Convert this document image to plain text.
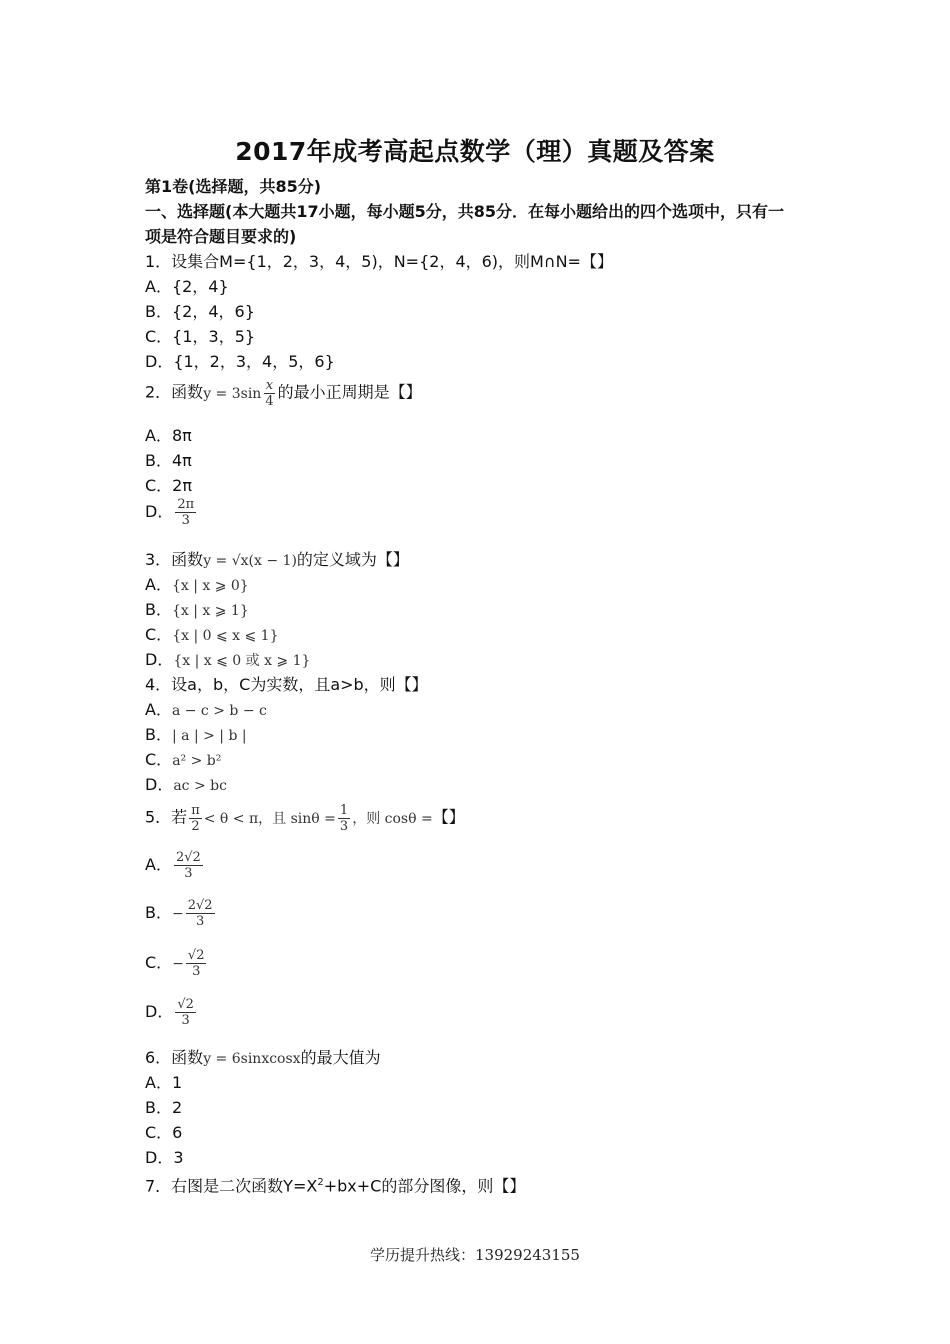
2017年成考高起点数学（理）真题及答案
第1卷(选择题，共85分)
一、选择题(本大题共17小题，每小题5分，共85分．在每小题给出的四个选项中，只有一
项是符合题目要求的)
1．设集合M={1，2，3，4，5)，N={2，4，6)，则M∩N=【】
A．{2，4}
B．{2，4，6}
C．{1，3，5}
D．{1，2，3，4，5，6}
2．函数$y = 3\sin \frac{x}{4}$ 的最小正周期是【】
A．8π
B．4π
C．2π
D． $\frac{2\pi}{3}$
3．函数y = √x(x − 1)的定义域为【】
A．{x | x ⩾ 0}
B．{x | x ⩾ 1}
C．{x | 0 ⩽ x ⩽ 1}
D．{x | x ⩽ 0 或 x ⩾ 1}
4．设a，b，C为实数，且a>b，则【】
A．a − c > b − c
B．| a | > | b |
C．a² > b²
D．ac > bc
5．若 $\frac{\pi}{2} < \theta < \pi$，且 $\sin\theta = \frac{1}{3}$ ，则 cosθ =【】
A． $\frac{2√2}{3}$
B．− $\frac{2√2}{3}$
C．− $\frac{√2}{3}$
D． $\frac{√2}{3}$
6．函数y = 6sinxcosx的最大值为
A．1
B．2
C．6
D．3
7．右图是二次函数$Y=X^2+bx+C$的部分图像，则【】
学历提升热线：13929243155
